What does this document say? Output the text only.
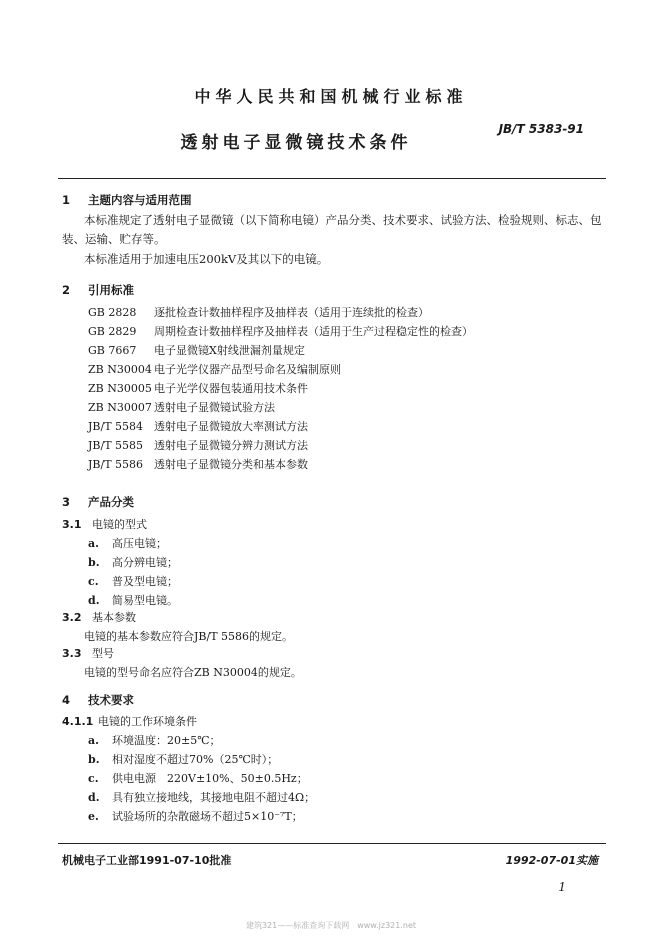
中华人民共和国机械行业标准
JB/T 5383-91
透射电子显微镜技术条件
1 主题内容与适用范围
本标准规定了透射电子显微镜（以下简称电镜）产品分类、技术要求、试验方法、检验规则、标志、包装、运输、贮存等。
本标准适用于加速电压200kV及其以下的电镜。
2 引用标准
GB 2828 逐批检查计数抽样程序及抽样表（适用于连续批的检查）
GB 2829 周期检查计数抽样程序及抽样表（适用于生产过程稳定性的检查）
GB 7667 电子显微镜X射线泄漏剂量规定
ZB N30004 电子光学仪器产品型号命名及编制原则
ZB N30005 电子光学仪器包装通用技术条件
ZB N30007 透射电子显微镜试验方法
JB/T 5584 透射电子显微镜放大率测试方法
JB/T 5585 透射电子显微镜分辨力测试方法
JB/T 5586 透射电子显微镜分类和基本参数
3 产品分类
3.1 电镜的型式
a. 高压电镜；
b. 高分辨电镜；
c. 普及型电镜；
d. 简易型电镜。
3.2 基本参数
电镜的基本参数应符合JB/T 5586的规定。
3.3 型号
电镜的型号命名应符合ZB N30004的规定。
4 技术要求
4.1.1 电镜的工作环境条件
a. 环境温度：20±5℃；
b. 相对湿度不超过70%（25℃时）；
c. 供电电源　220V±10%、50±0.5Hz；
d. 具有独立接地线，其接地电阻不超过4Ω；
e. 试验场所的杂散磁场不超过5×10⁻⁷T；
机械电子工业部1991-07-10批准	1992-07-01实施
1
建筑321——标准查询下载网　www.jz321.net
